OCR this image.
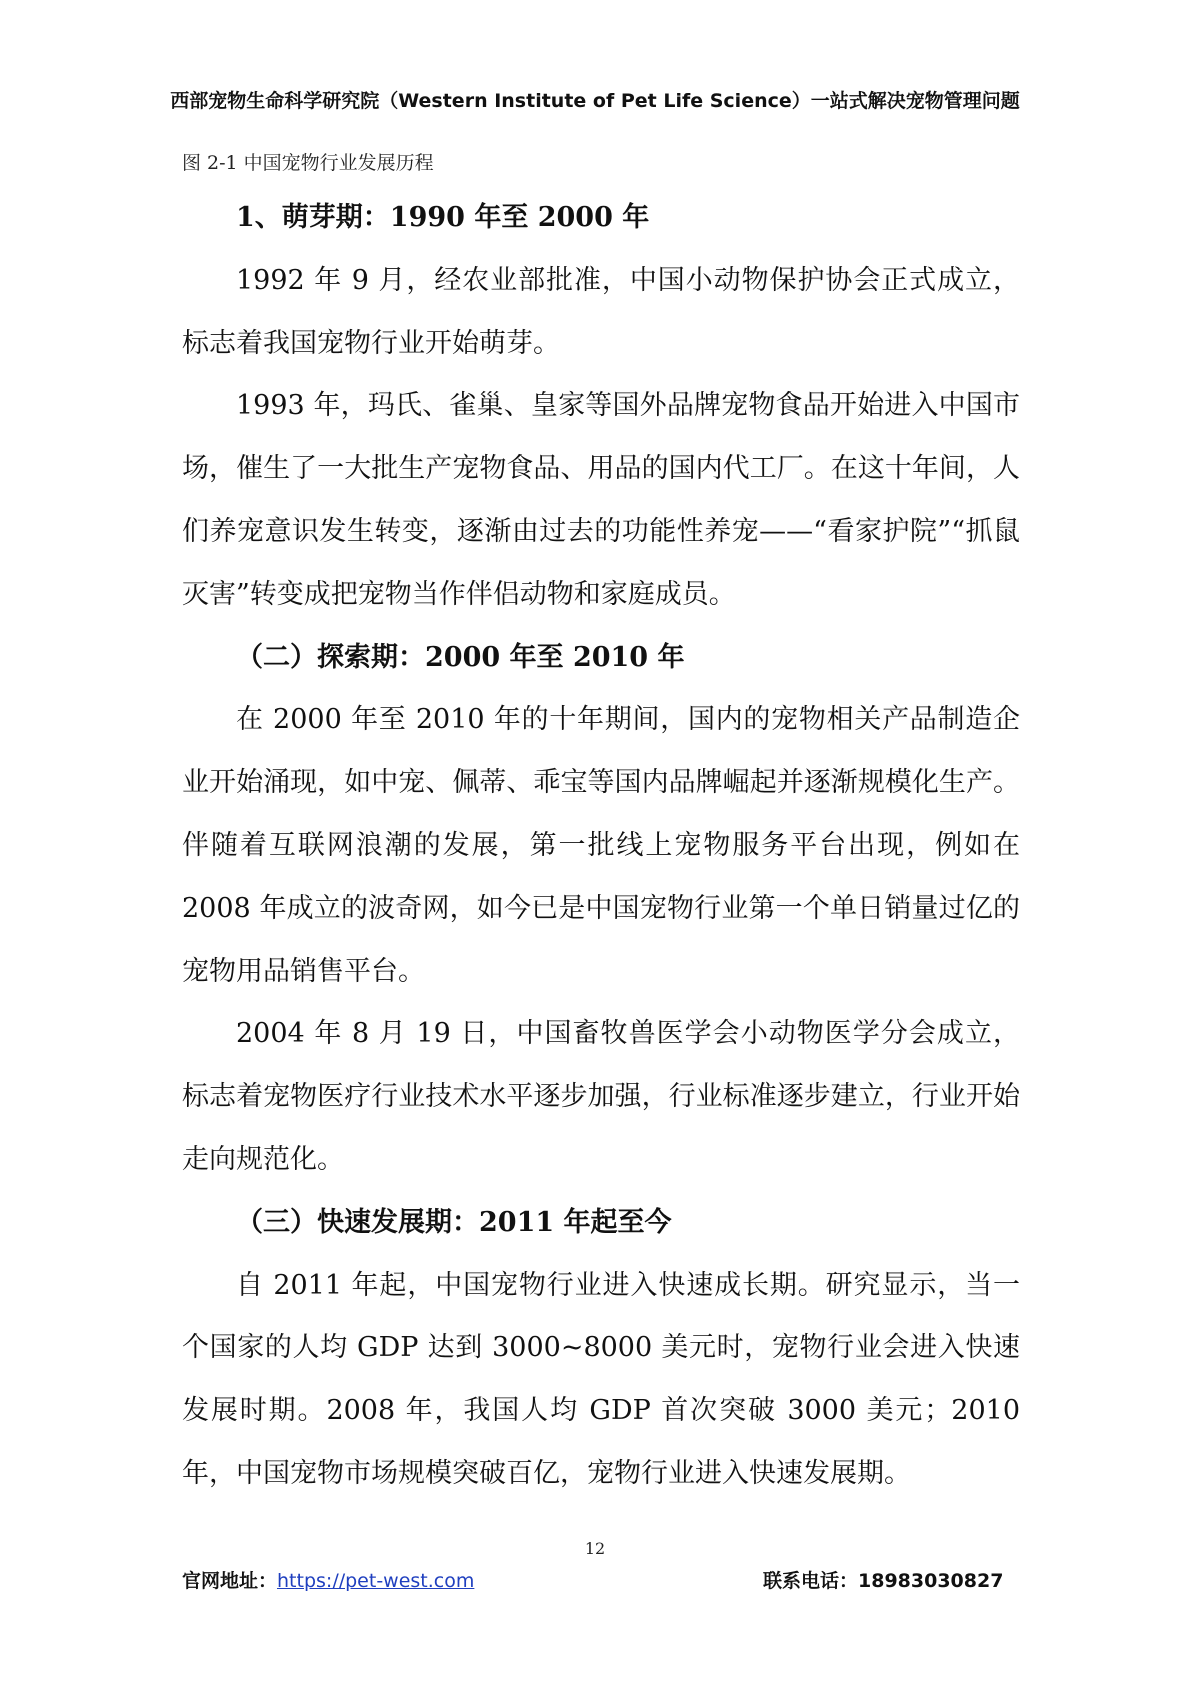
西部宠物生命科学研究院（Western Institute of Pet Life Science）一站式解决宠物管理问题
图 2-1 中国宠物行业发展历程
1、萌芽期：1990 年至 2000 年

1992 年 9 月，经农业部批准，中国小动物保护协会正式成立，标志着我国宠物行业开始萌芽。

1993 年，玛氏、雀巢、皇家等国外品牌宠物食品开始进入中国市场，催生了一大批生产宠物食品、用品的国内代工厂。在这十年间，人们养宠意识发生转变，逐渐由过去的功能性养宠——“看家护院”“抓鼠灭害”转变成把宠物当作伴侣动物和家庭成员。

（二）探索期：2000 年至 2010 年

在 2000 年至 2010 年的十年期间，国内的宠物相关产品制造企业开始涌现，如中宠、佩蒂、乖宝等国内品牌崛起并逐渐规模化生产。伴随着互联网浪潮的发展，第一批线上宠物服务平台出现，例如在 2008 年成立的波奇网，如今已是中国宠物行业第一个单日销量过亿的宠物用品销售平台。

2004 年 8 月 19 日，中国畜牧兽医学会小动物医学分会成立，标志着宠物医疗行业技术水平逐步加强，行业标准逐步建立，行业开始走向规范化。

（三）快速发展期：2011 年起至今

自 2011 年起，中国宠物行业进入快速成长期。研究显示，当一个国家的人均 GDP 达到 3000~8000 美元时，宠物行业会进入快速发展时期。2008 年，我国人均 GDP 首次突破 3000 美元；2010 年，中国宠物市场规模突破百亿，宠物行业进入快速发展期。

12
官网地址：https://pet-west.com	联系电话：18983030827
